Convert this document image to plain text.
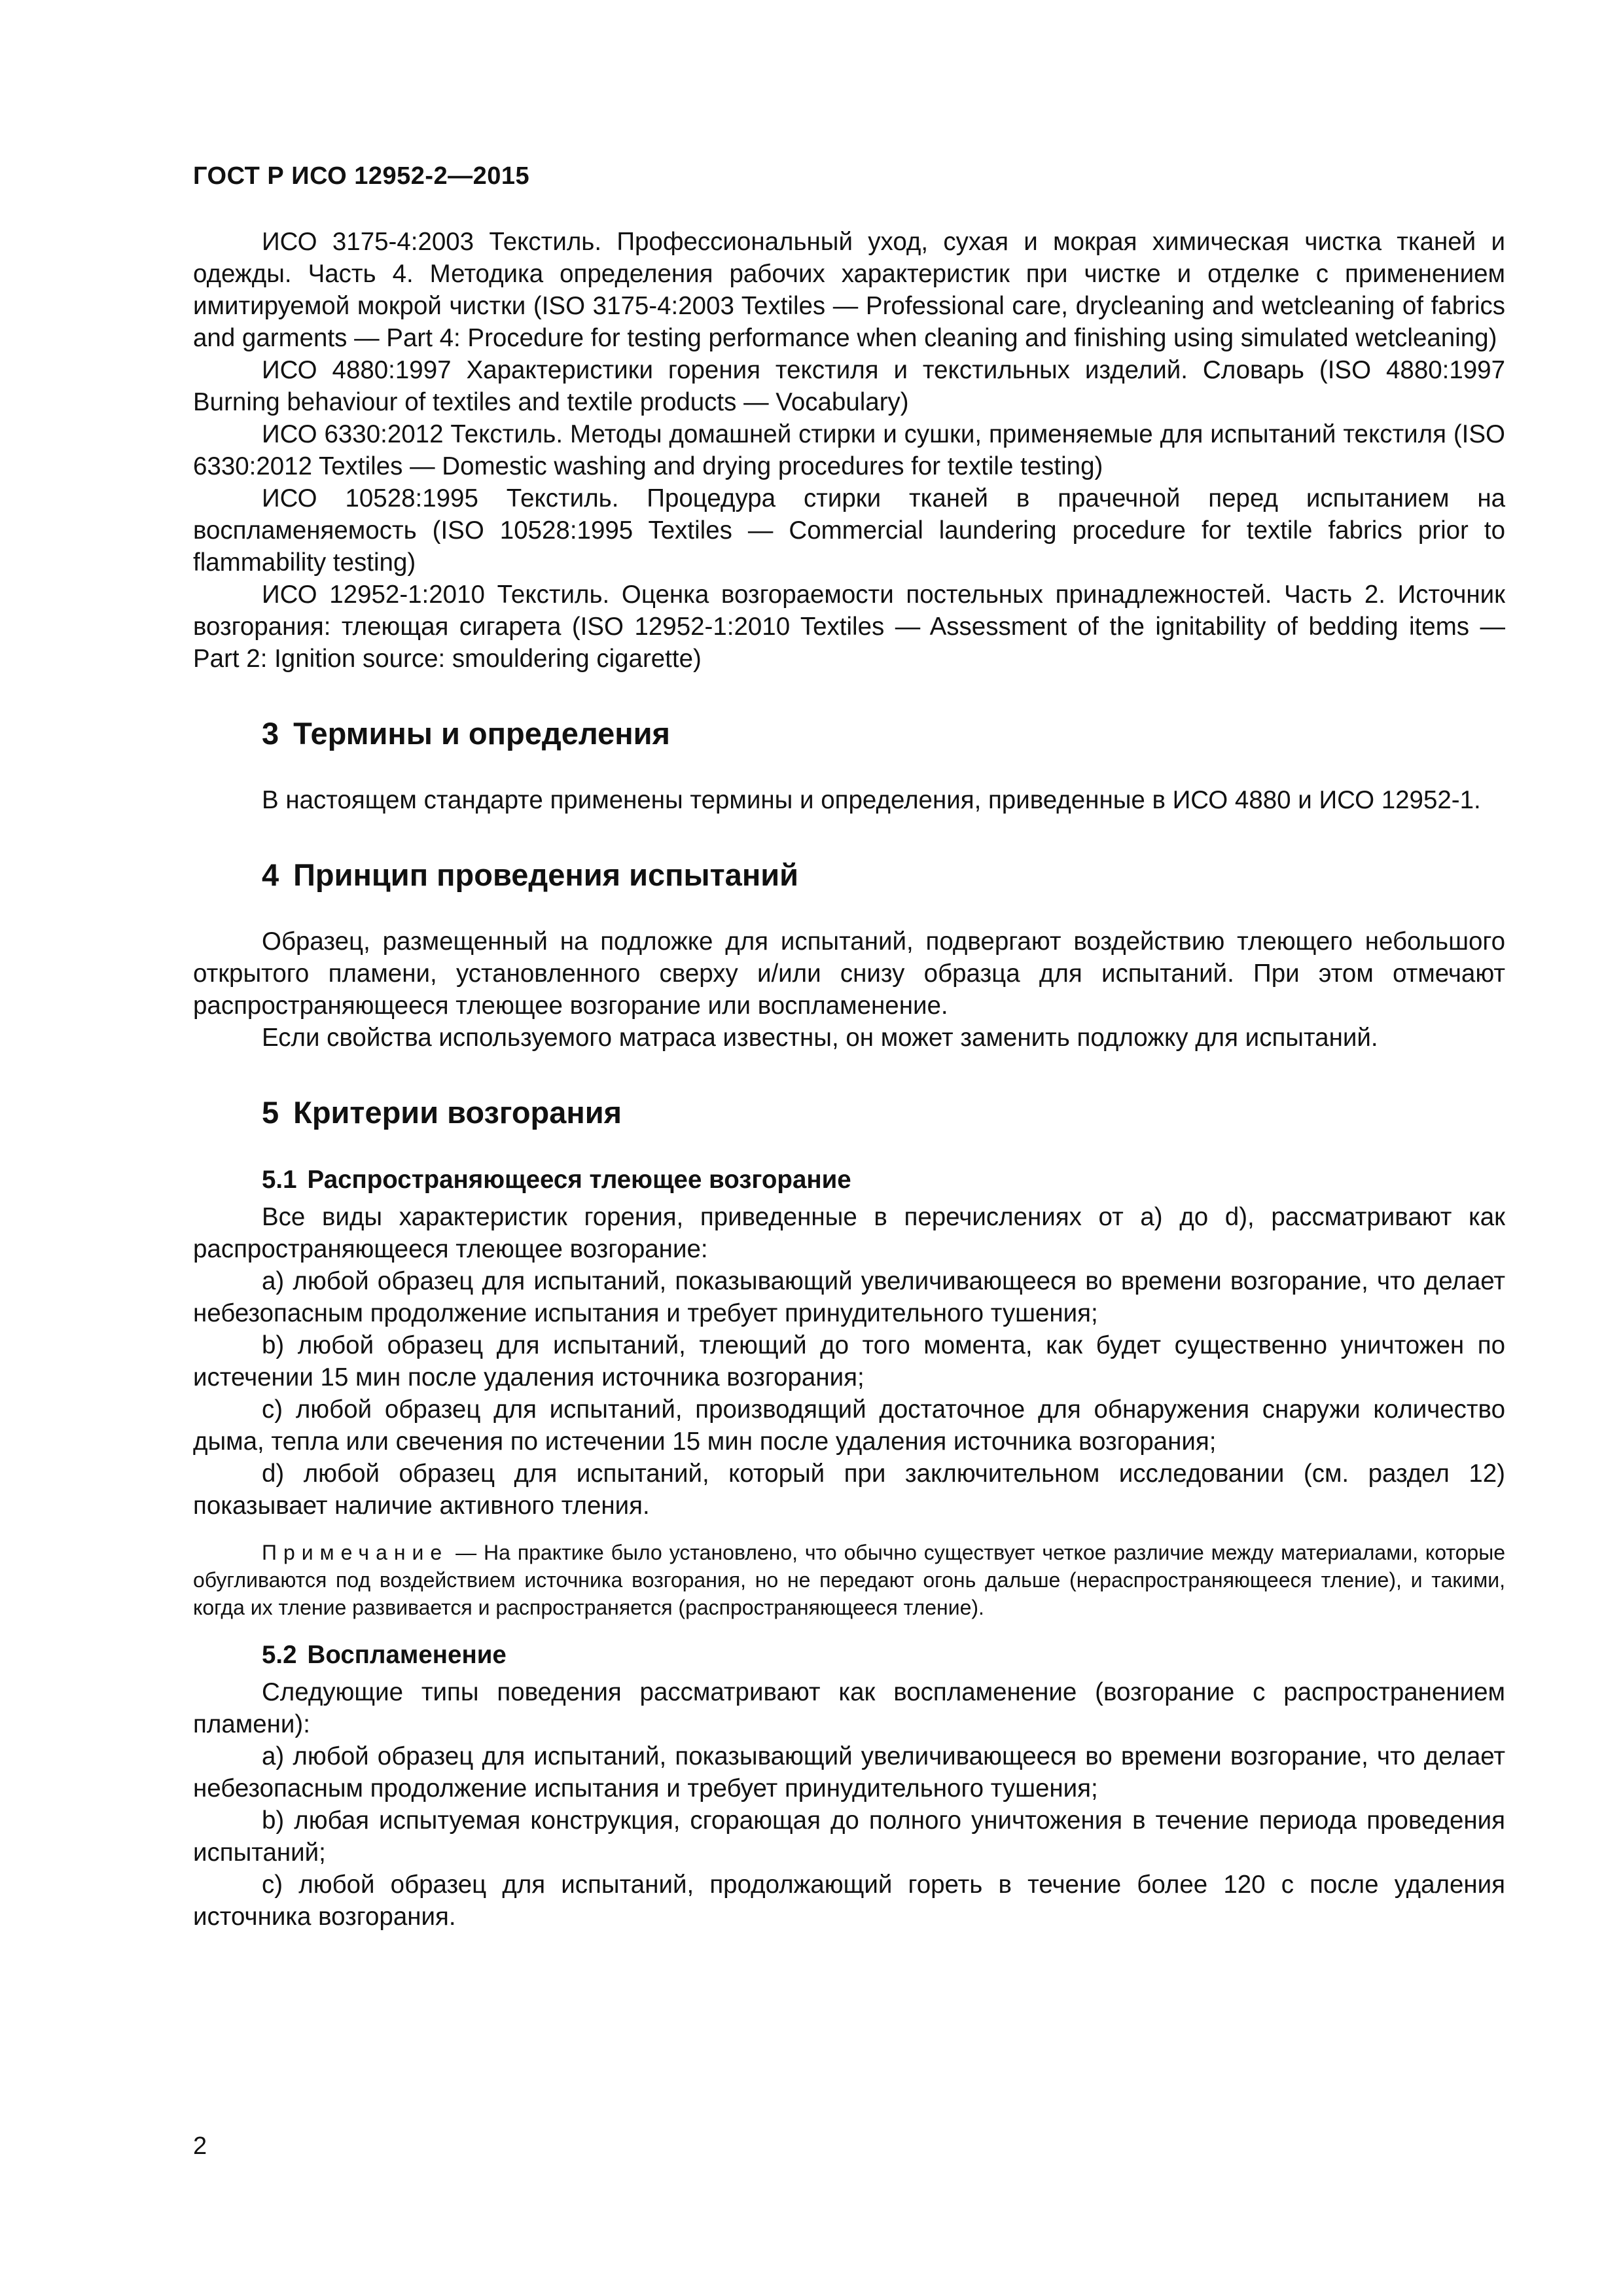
ГОСТ Р ИСО 12952-2—2015

ИСО 3175-4:2003 Текстиль. Профессиональный уход, сухая и мокрая химическая чистка тканей и одежды. Часть 4. Методика определения рабочих характеристик при чистке и отделке с применением имитируемой мокрой чистки (ISO 3175-4:2003 Textiles — Professional care, drycleaning and wetcleaning of fabrics and garments — Part 4: Procedure for testing performance when cleaning and finishing using simulated wetcleaning)

ИСО 4880:1997 Характеристики горения текстиля и текстильных изделий. Словарь (ISO 4880:1997 Burning behaviour of textiles and textile products — Vocabulary)

ИСО 6330:2012 Текстиль. Методы домашней стирки и сушки, применяемые для испытаний текстиля (ISO 6330:2012 Textiles — Domestic washing and drying procedures for textile testing)

ИСО 10528:1995 Текстиль. Процедура стирки тканей в прачечной перед испытанием на воспламеняемость (ISO 10528:1995 Textiles — Commercial laundering procedure for textile fabrics prior to flammability testing)

ИСО 12952-1:2010 Текстиль. Оценка возгораемости постельных принадлежностей. Часть 2. Источник возгорания: тлеющая сигарета (ISO 12952-1:2010 Textiles — Assessment of the ignitability of bedding items — Part 2: Ignition source: smouldering cigarette)

3 Термины и определения

В настоящем стандарте применены термины и определения, приведенные в ИСО 4880 и ИСО 12952-1.

4 Принцип проведения испытаний

Образец, размещенный на подложке для испытаний, подвергают воздействию тлеющего небольшого открытого пламени, установленного сверху и/или снизу образца для испытаний. При этом отмечают распространяющееся тлеющее возгорание или воспламенение.

Если свойства используемого матраса известны, он может заменить подложку для испытаний.

5 Критерии возгорания
5.1 Распространяющееся тлеющее возгорание

Все виды характеристик горения, приведенные в перечислениях от а) до d), рассматривают как распространяющееся тлеющее возгорание:

а) любой образец для испытаний, показывающий увеличивающееся во времени возгорание, что делает небезопасным продолжение испытания и требует принудительного тушения;

b) любой образец для испытаний, тлеющий до того момента, как будет существенно уничтожен по истечении 15 мин после удаления источника возгорания;

c) любой образец для испытаний, производящий достаточное для обнаружения снаружи количество дыма, тепла или свечения по истечении 15 мин после удаления источника возгорания;

d) любой образец для испытаний, который при заключительном исследовании (см. раздел 12) показывает наличие активного тления.

Примечание — На практике было установлено, что обычно существует четкое различие между материалами, которые обугливаются под воздействием источника возгорания, но не передают огонь дальше (нераспространяющееся тление), и такими, когда их тление развивается и распространяется (распространяющееся тление).

5.2 Воспламенение

Следующие типы поведения рассматривают как воспламенение (возгорание с распространением пламени):

а) любой образец для испытаний, показывающий увеличивающееся во времени возгорание, что делает небезопасным продолжение испытания и требует принудительного тушения;

b) любая испытуемая конструкция, сгорающая до полного уничтожения в течение периода проведения испытаний;

c) любой образец для испытаний, продолжающий гореть в течение более 120 с после удаления источника возгорания.

2
